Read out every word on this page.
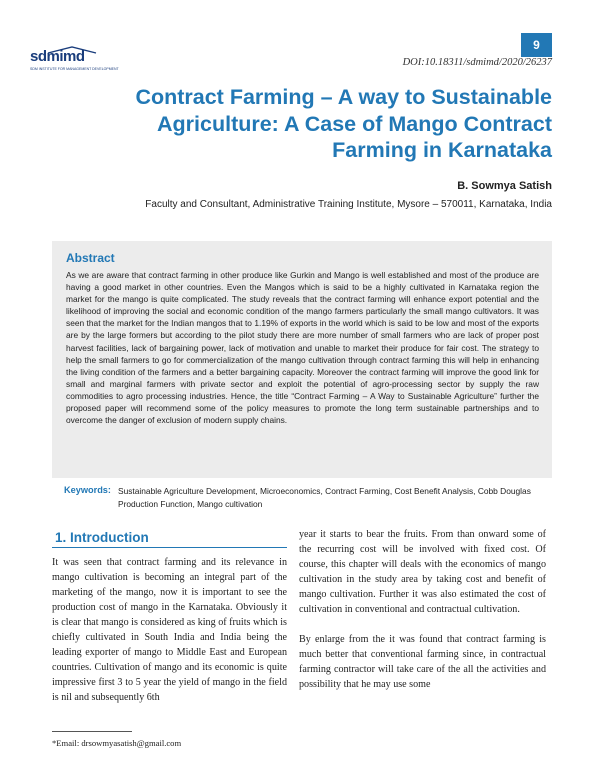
sdmimd
SDM INSTITUTE FOR MANAGEMENT DEVELOPMENT
9
DOI:10.18311/sdmimd/2020/26237
Contract Farming – A way to Sustainable Agriculture: A Case of Mango Contract Farming in Karnataka
B. Sowmya Satish
Faculty and Consultant, Administrative Training Institute, Mysore – 570011, Karnataka, India
Abstract
As we are aware that contract farming in other produce like Gurkin and Mango is well established and most of the produce are having a good market in other countries. Even the Mangos which is said to be a highly cultivated in Karnataka region the market for the mango is quite complicated. The study reveals that the contract farming will enhance export potential and the likelihood of improving the social and economic condition of the mango farmers particularly the small mango cultivators. It was seen that the market for the Indian mangos that to 1.19% of exports in the world which is said to be low and most of the exports are by the large formers but according to the pilot study there are more number of small farmers who are lack of proper post harvest facilities, lack of bargaining power, lack of motivation and unable to market their produce for fair cost. The strategy to help the small farmers to go for commercialization of the mango cultivation through contract farming this will help in enhancing the living condition of the farmers and a better bargaining capacity. Moreover the contract farming will improve the good link for small and marginal farmers with private sector and exploit the potential of agro-processing sector by supply the raw commodities to agro processing industries. Hence, the title “Contract Farming – A Way to Sustainable Agriculture” further the proposed paper will recommend some of the policy measures to promote the long term sustainable partnerships and to overcome the danger of exclusion of modern supply chains.
Keywords: Sustainable Agriculture Development, Microeconomics, Contract Farming, Cost Benefit Analysis, Cobb Douglas Production Function, Mango cultivation
1. Introduction
It was seen that contract farming and its relevance in mango cultivation is becoming an integral part of the marketing of the mango, now it is important to see the production cost of mango in the Karnataka. Obviously it is clear that mango is considered as king of fruits which is chiefly cultivated in South India and India being the leading exporter of mango to Middle East and European countries. Cultivation of mango and its economic is quite impressive first 3 to 5 year the yield of mango in the field is nil and subsequently 6th

year it starts to bear the fruits. From than onward some of the recurring cost will be involved with fixed cost. Of course, this chapter will deals with the economics of mango cultivation in the study area by taking cost and benefit of mango cultivation. Further it was also estimated the cost of cultivation in conventional and contractual cultivation.

By enlarge from the it was found that contract farming is much better that conventional farming since, in contractual farming contractor will take care of the all the activities and possibility that he may use some

*Email: drsowmyasatish@gmail.com
